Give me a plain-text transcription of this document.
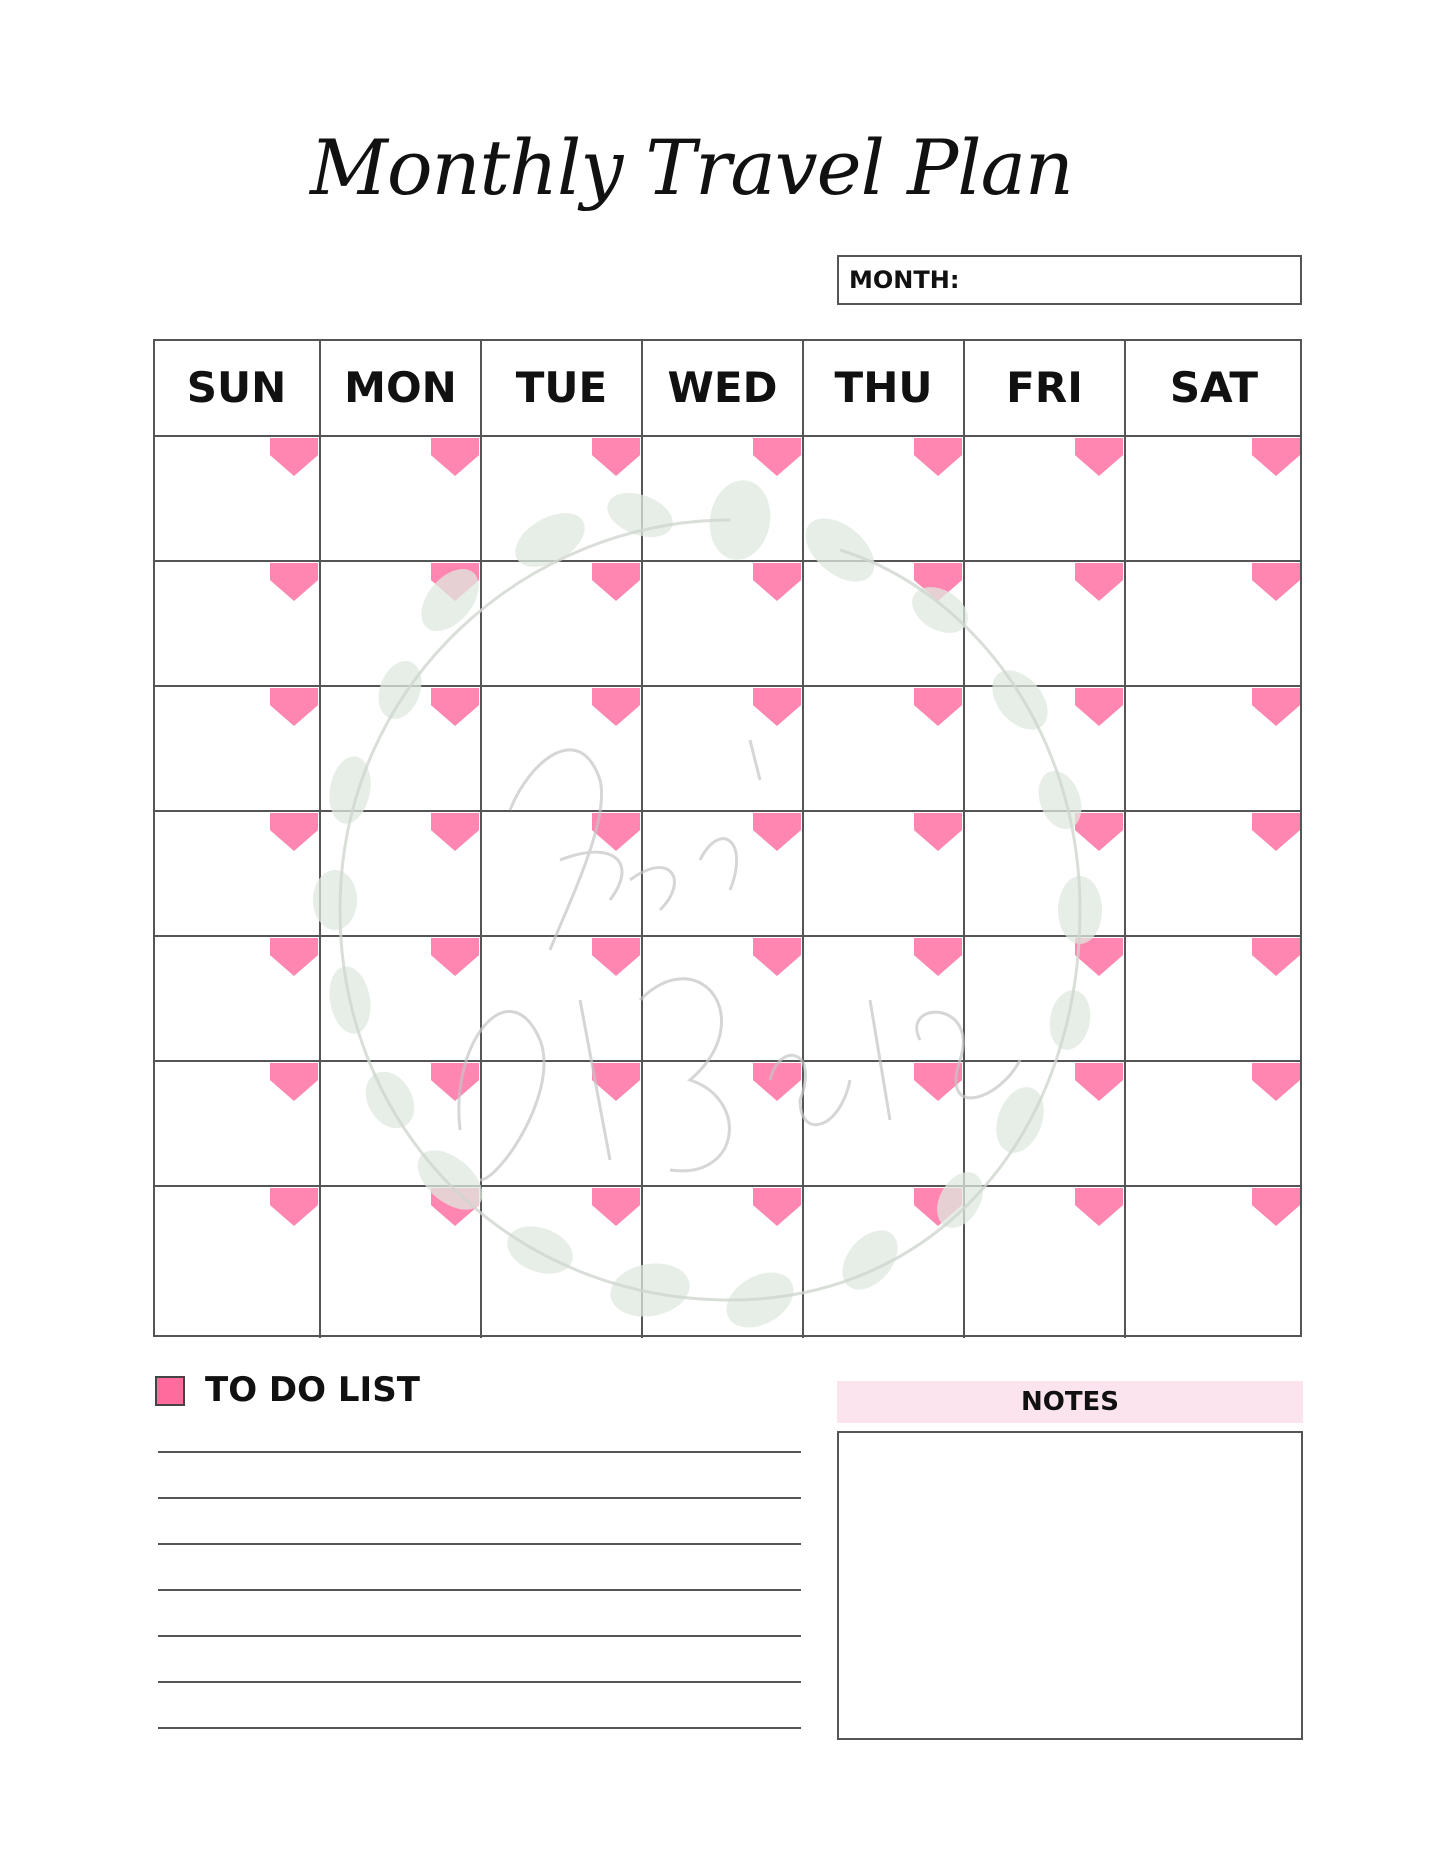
Monthly Travel Plan
MONTH:
SUN	MON	TUE	WED	THU	FRI	SAT
TO DO LIST	NOTES
